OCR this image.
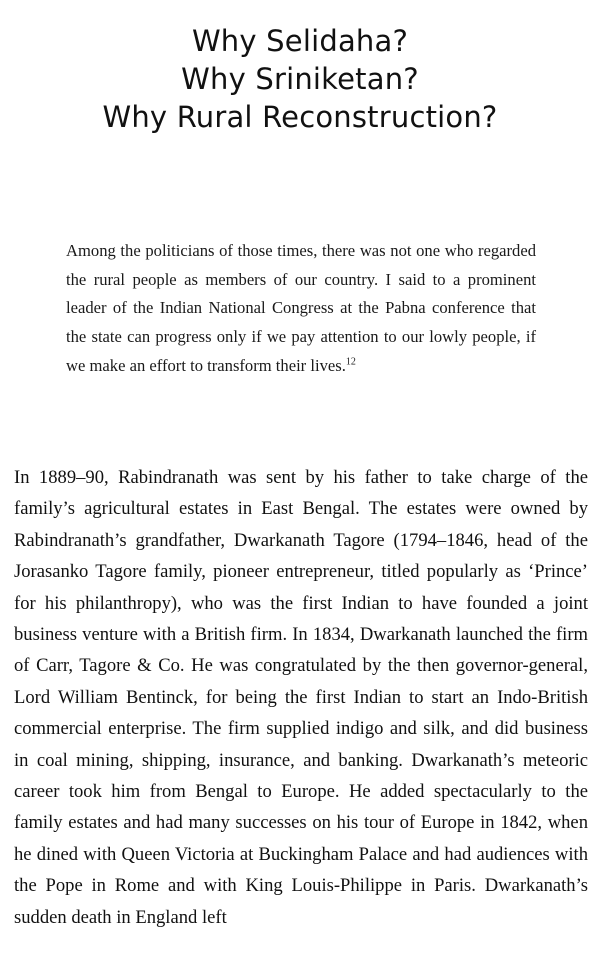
Why Selidaha?
Why Sriniketan?
Why Rural Reconstruction?

Among the politicians of those times, there was not one who regarded the rural people as members of our country. I said to a prominent leader of the Indian National Congress at the Pabna conference that the state can progress only if we pay attention to our lowly people, if we make an effort to transform their lives.$^{12}$

In 1889–90, Rabindranath was sent by his father to take charge of the family’s agricultural estates in East Bengal. The estates were owned by Rabindranath’s grandfather, Dwarkanath Tagore (1794–1846, head of the Jorasanko Tagore family, pioneer entrepreneur, titled popularly as ‘Prince’ for his philanthropy), who was the first Indian to have founded a joint business venture with a British firm. In 1834, Dwarkanath launched the firm of Carr, Tagore & Co. He was congratulated by the then governor-general, Lord William Bentinck, for being the first Indian to start an Indo-British commercial enterprise. The firm supplied indigo and silk, and did business in coal mining, shipping, insurance, and banking. Dwarkanath’s meteoric career took him from Bengal to Europe. He added spectacularly to the family estates and had many successes on his tour of Europe in 1842, when he dined with Queen Victoria at Buckingham Palace and had audiences with the Pope in Rome and with King Louis-Philippe in Paris. Dwarkanath’s sudden death in England left
